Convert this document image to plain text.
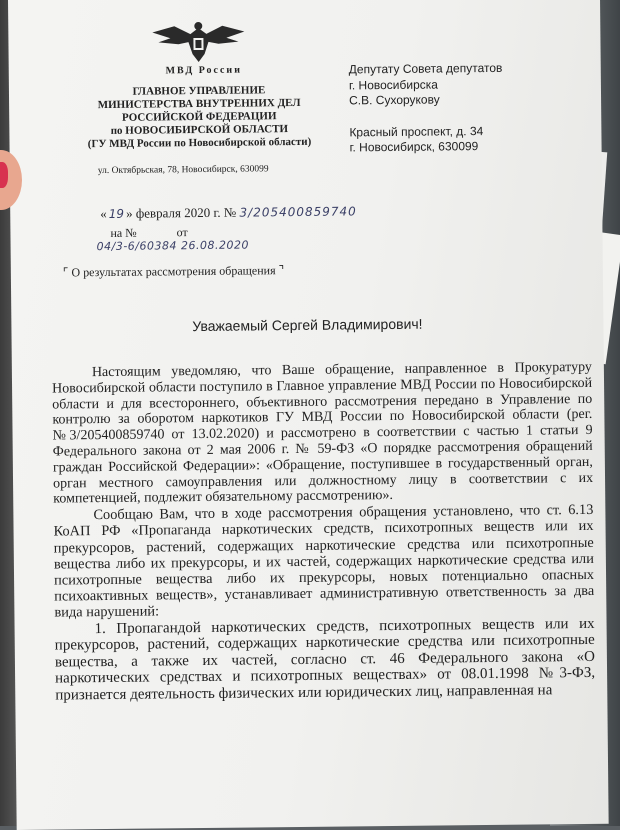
МВД России
ГЛАВНОЕ УПРАВЛЕНИЕ
МИНИСТЕРСТВА ВНУТРЕННИХ ДЕЛ
РОССИЙСКОЙ ФЕДЕРАЦИИ
по НОВОСИБИРСКОЙ ОБЛАСТИ
(ГУ МВД России по Новосибирской области)
ул. Октябрьская, 78, Новосибирск, 630099
Депутату Совета депутатов
г. Новосибирска
С.В. Сухорукову
Красный проспект, д. 34
г. Новосибирск, 630099
« 19 » февраля 2020 г. № 3/205400859740
на №	от
04/3-6/60384 26.08.2020
⌜ О результатах рассмотрения обращения ⌝
Уважаемый Сергей Владимирович!

Настоящим уведомляю, что Ваше обращение, направленное в Прокуратуру Новосибирской области поступило в Главное управление МВД России по Новосибирской области и для всестороннего, объективного рассмотрения передано в Управление по контролю за оборотом наркотиков ГУ МВД России по Новосибирской области (рег. №3/205400859740 от 13.02.2020) и рассмотрено в соответствии с частью 1 статьи 9 Федерального закона от 2 мая 2006 г. № 59-ФЗ «О порядке рассмотрения обращений граждан Российской Федерации»: «Обращение, поступившее в государственный орган, орган местного самоуправления или должностному лицу в соответствии с их компетенцией, подлежит обязательному рассмотрению».

Сообщаю Вам, что в ходе рассмотрения обращения установлено, что ст. 6.13 КоАП РФ «Пропаганда наркотических средств, психотропных веществ или их прекурсоров, растений, содержащих наркотические средства или психотропные вещества либо их прекурсоры, и их частей, содержащих наркотические средства или психотропные вещества либо их прекурсоры, новых потенциально опасных психоактивных веществ», устанавливает административную ответственность за два вида нарушений:

1. Пропагандой наркотических средств, психотропных веществ или их прекурсоров, растений, содержащих наркотические средства или психотропные вещества, а также их частей, согласно ст. 46 Федерального закона «О наркотических средствах и психотропных веществах» от 08.01.1998 №3-ФЗ, признается деятельность физических или юридических лиц, направленная на
